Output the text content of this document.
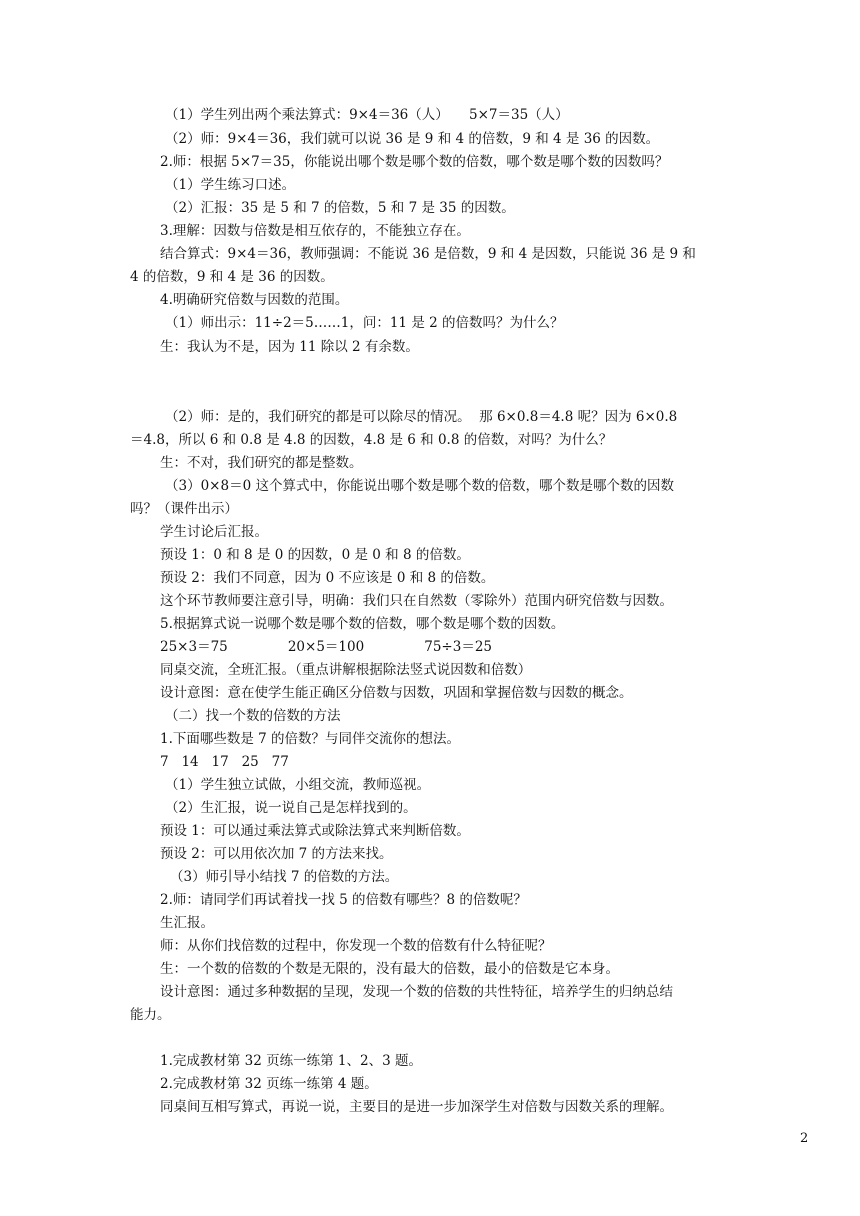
（1）学生列出两个乘法算式：9×4＝36（人）　　5×7＝35（人）
（2）师：9×4＝36，我们就可以说 36 是 9 和 4 的倍数，9 和 4 是 36 的因数。
2.师：根据 5×7＝35，你能说出哪个数是哪个数的倍数，哪个数是哪个数的因数吗？
（1）学生练习口述。
（2）汇报：35 是 5 和 7 的倍数，5 和 7 是 35 的因数。
3.理解：因数与倍数是相互依存的，不能独立存在。
结合算式：9×4＝36，教师强调：不能说 36 是倍数，9 和 4 是因数，只能说 36 是 9 和
4 的倍数，9 和 4 是 36 的因数。
4.明确研究倍数与因数的范围。
（1）师出示：11÷2＝5……1，问：11 是 2 的倍数吗？为什么？
生：我认为不是，因为 11 除以 2 有余数。
（2）师：是的，我们研究的都是可以除尽的情况。  那 6×0.8＝4.8 呢？因为 6×0.8
＝4.8，所以 6 和 0.8 是 4.8 的因数，4.8 是 6 和 0.8 的倍数，对吗？为什么？
生：不对，我们研究的都是整数。
（3）0×8＝0 这个算式中，你能说出哪个数是哪个数的倍数，哪个数是哪个数的因数
吗？（课件出示）
学生讨论后汇报。
预设 1：0 和 8 是 0 的因数，0 是 0 和 8 的倍数。
预设 2：我们不同意，因为 0 不应该是 0 和 8 的倍数。
这个环节教师要注意引导，明确：我们只在自然数（零除外）范围内研究倍数与因数。
5.根据算式说一说哪个数是哪个数的倍数，哪个数是哪个数的因数。
25×3＝75              20×5＝100              75÷3＝25
同桌交流，全班汇报。（重点讲解根据除法竖式说因数和倍数）
设计意图：意在使学生能正确区分倍数与因数，巩固和掌握倍数与因数的概念。
（二）找一个数的倍数的方法
1.下面哪些数是 7 的倍数？与同伴交流你的想法。
7   14   17   25   77
（1）学生独立试做，小组交流，教师巡视。
（2）生汇报，说一说自己是怎样找到的。
预设 1：可以通过乘法算式或除法算式来判断倍数。
预设 2：可以用依次加 7 的方法来找。
（3）师引导小结找 7 的倍数的方法。
2.师：请同学们再试着找一找 5 的倍数有哪些？8 的倍数呢？
生汇报。
师：从你们找倍数的过程中，你发现一个数的倍数有什么特征呢？
生：一个数的倍数的个数是无限的，没有最大的倍数，最小的倍数是它本身。
设计意图：通过多种数据的呈现，发现一个数的倍数的共性特征，培养学生的归纳总结
能力。
1.完成教材第 32 页练一练第 1、2、3 题。
2.完成教材第 32 页练一练第 4 题。
同桌间互相写算式，再说一说，主要目的是进一步加深学生对倍数与因数关系的理解。
2
